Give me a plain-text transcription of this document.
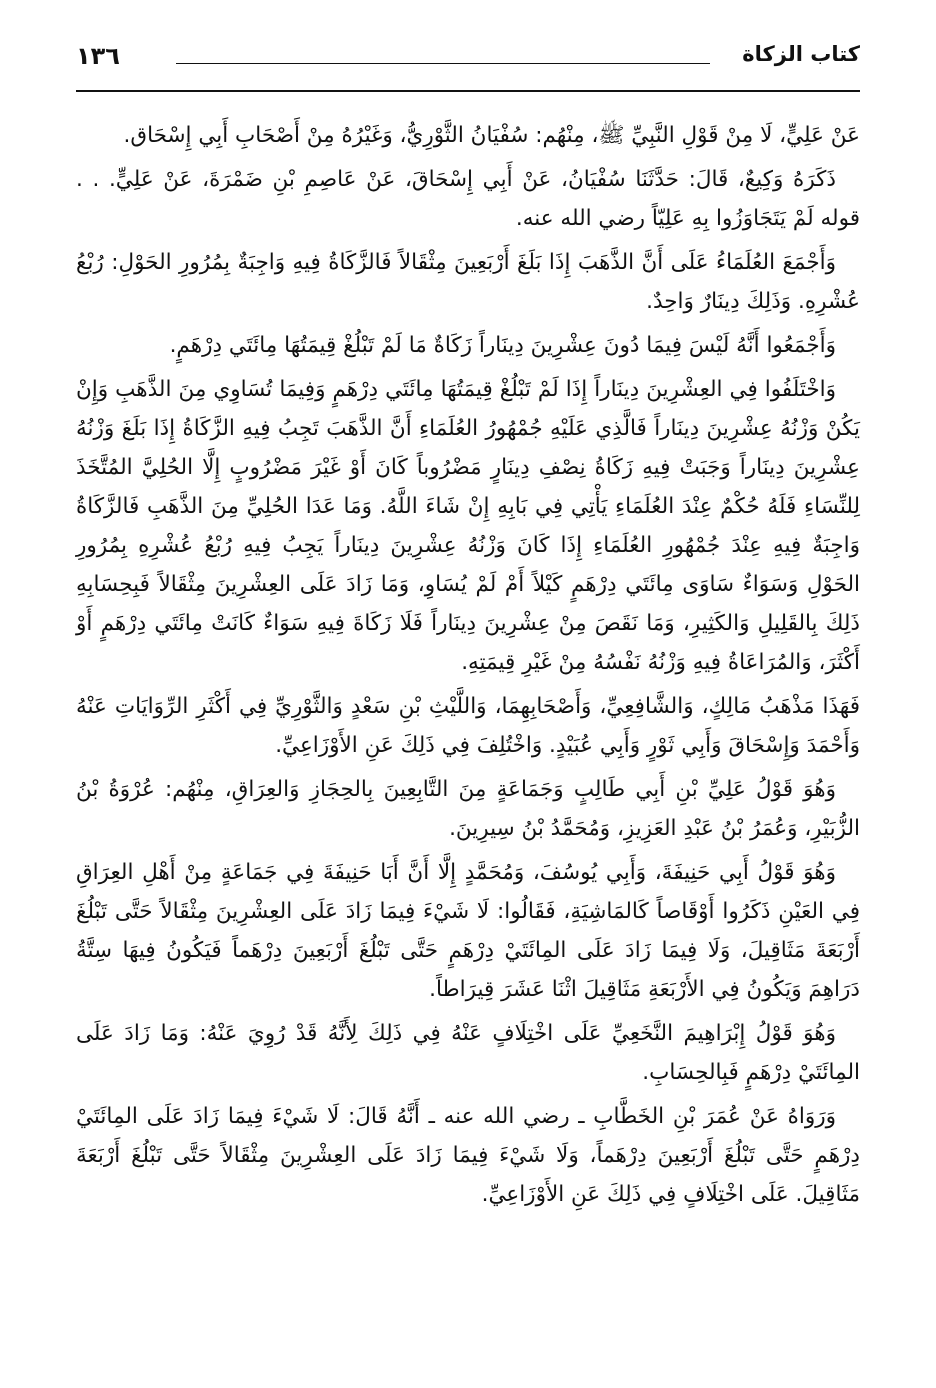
كتاب الزكاة
١٣٦

عَنْ عَلِيٍّ، لَا مِنْ قَوْلِ النَّبِيِّ ﷺ، مِنْهُم: سُفْيَانُ الثَّوْرِيُّ، وَغَيْرُهُ مِنْ أَصْحَابِ أَبِي إِسْحَاق.

ذَكَرَهُ وَكِيعٌ، قَالَ: حَدَّثَنَا سُفْيَانُ، عَنْ أَبِي إِسْحَاقَ، عَنْ عَاصِمِ بْنِ ضَمْرَةَ، عَنْ عَلِيٍّ. . . قوله لَمْ يَتَجَاوَزُوا بِهِ عَلِيّاً رضي الله عنه.

وَأَجْمَعَ العُلَمَاءُ عَلَى أَنَّ الذَّهَبَ إِذَا بَلَغَ أَرْبَعِينَ مِثْقَالاً فَالزَّكَاةُ فِيهِ وَاجِبَةٌ بِمُرُورِ الحَوْلِ: رُبْعُ عُشْرِهِ. وَذَلِكَ دِينَارٌ وَاحِدٌ.

وَأَجْمَعُوا أَنَّهُ لَيْسَ فِيمَا دُونَ عِشْرِينَ دِينَاراً زَكَاةٌ مَا لَمْ تَبْلُغْ قِيمَتُهَا مِائَتَي دِرْهَمٍ.

وَاخْتَلَفُوا فِي العِشْرِينَ دِينَاراً إِذَا لَمْ تَبْلُغْ قِيمَتُهَا مِائَتَي دِرْهَمٍ وَفِيمَا تُسَاوِي مِنَ الذَّهَبِ وَإِنْ يَكُنْ وَزْنُهُ عِشْرِينَ دِينَاراً فَالَّذِي عَلَيْهِ جُمْهُورُ العُلَمَاءِ أَنَّ الذَّهَبَ تَجِبُ فِيهِ الزَّكَاةُ إِذَا بَلَغَ وَزْنُهُ عِشْرِينَ دِينَاراً وَجَبَتْ فِيهِ زَكَاةُ نِصْفِ دِينَارٍ مَضْرُوباً كَانَ أَوْ غَيْرَ مَضْرُوبٍ إِلَّا الحُلِيَّ المُتَّخَذَ لِلنِّسَاءِ فَلَهُ حُكْمٌ عِنْدَ العُلَمَاءِ يَأْتِي فِي بَابِهِ إِنْ شَاءَ اللَّهُ. وَمَا عَدَا الحُلِيِّ مِنَ الذَّهَبِ فَالزَّكَاةُ وَاجِبَةٌ فِيهِ عِنْدَ جُمْهُورِ العُلَمَاءِ إِذَا كَانَ وَزْنُهُ عِشْرِينَ دِينَاراً يَجِبُ فِيهِ رُبْعُ عُشْرِهِ بِمُرُورِ الحَوْلِ وَسَوَاءٌ سَاوَى مِائَتَي دِرْهَمٍ كَيْلاً أَمْ لَمْ يُسَاوِ، وَمَا زَادَ عَلَى العِشْرِينَ مِثْقَالاً فَبِحِسَابِهِ ذَلِكَ بِالقَلِيلِ وَالكَثِيرِ، وَمَا نَقَصَ مِنْ عِشْرِينَ دِينَاراً فَلَا زَكَاةَ فِيهِ سَوَاءٌ كَانَتْ مِائَتَي دِرْهَمٍ أَوْ أَكْثَرَ، وَالمُرَاعَاةُ فِيهِ وَزْنُهُ نَفْسُهُ مِنْ غَيْرِ قِيمَتِهِ.

فَهَذَا مَذْهَبُ مَالِكٍ، وَالشَّافِعِيِّ، وَأَصْحَابِهِمَا، وَاللَّيْثِ بْنِ سَعْدٍ وَالثَّوْرِيِّ فِي أَكْثَرِ الرِّوَايَاتِ عَنْهُ وَأَحْمَدَ وَإِسْحَاقَ وَأَبِي ثَوْرٍ وَأَبِي عُبَيْدٍ. وَاخْتُلِفَ فِي ذَلِكَ عَنِ الأَوْزَاعِيِّ.

وَهُوَ قَوْلُ عَلِيِّ بْنِ أَبِي طَالِبٍ وَجَمَاعَةٍ مِنَ التَّابِعِينَ بِالحِجَازِ وَالعِرَاقِ، مِنْهُم: عُرْوَةُ بْنُ الزُّبَيْرِ، وَعُمَرُ بْنُ عَبْدِ العَزِيزِ، وَمُحَمَّدُ بْنُ سِيرِينَ.

وَهُوَ قَوْلُ أَبِي حَنِيفَةَ، وَأَبِي يُوسُفَ، وَمُحَمَّدٍ إِلَّا أَنَّ أَبَا حَنِيفَةَ فِي جَمَاعَةٍ مِنْ أَهْلِ العِرَاقِ فِي العَيْنِ ذَكَرُوا أَوْقَاصاً كَالمَاشِيَةِ، فَقَالُوا: لَا شَيْءَ فِيمَا زَادَ عَلَى العِشْرِينَ مِثْقَالاً حَتَّى تَبْلُغَ أَرْبَعَةَ مَثَاقِيلَ، وَلَا فِيمَا زَادَ عَلَى المِائَتَيْ دِرْهَمٍ حَتَّى تَبْلُغَ أَرْبَعِينَ دِرْهَماً فَيَكُونُ فِيهَا سِتَّةُ دَرَاهِمَ وَيَكُونُ فِي الأَرْبَعَةِ مَثَاقِيلَ اثْنَا عَشَرَ قِيرَاطاً.

وَهُوَ قَوْلُ إِبْرَاهِيمَ النَّخَعِيِّ عَلَى اخْتِلَافٍ عَنْهُ فِي ذَلِكَ لِأَنَّهُ قَدْ رُوِيَ عَنْهُ: وَمَا زَادَ عَلَى المِائَتَيْ دِرْهَمٍ فَبِالحِسَابِ.

وَرَوَاهُ عَنْ عُمَرَ بْنِ الخَطَّابِ ـ رضي الله عنه ـ أَنَّهُ قَالَ: لَا شَيْءَ فِيمَا زَادَ عَلَى المِائَتَيْ دِرْهَمٍ حَتَّى تَبْلُغَ أَرْبَعِينَ دِرْهَماً، وَلَا شَيْءَ فِيمَا زَادَ عَلَى العِشْرِينَ مِثْقَالاً حَتَّى تَبْلُغَ أَرْبَعَةَ مَثَاقِيلَ. عَلَى اخْتِلَافٍ فِي ذَلِكَ عَنِ الأَوْزَاعِيِّ.
